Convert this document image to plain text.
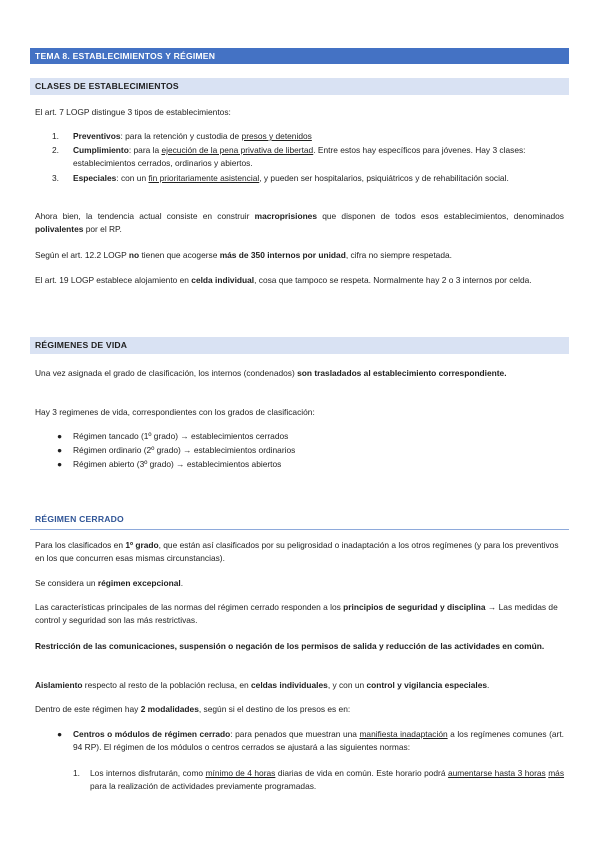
TEMA 8. ESTABLECIMIENTOS Y RÉGIMEN
CLASES DE ESTABLECIMIENTOS

El art. 7 LOGP distingue 3 tipos de establecimientos:

1. Preventivos: para la retención y custodia de presos y detenidos
2. Cumplimiento: para la ejecución de la pena privativa de libertad. Entre estos hay específicos para jóvenes. Hay 3 clases: establecimientos cerrados, ordinarios y abiertos.
3. Especiales: con un fin prioritariamente asistencial, y pueden ser hospitalarios, psiquiátricos y de rehabilitación social.

Ahora bien, la tendencia actual consiste en construir macroprisiones que disponen de todos esos establecimientos, denominados polivalentes por el RP.

Según el art. 12.2 LOGP no tienen que acogerse más de 350 internos por unidad, cifra no siempre respetada.

El art. 19 LOGP establece alojamiento en celda individual, cosa que tampoco se respeta. Normalmente hay 2 o 3 internos por celda.

RÉGIMENES DE VIDA

Una vez asignada el grado de clasificación, los internos (condenados) son trasladados al establecimiento correspondiente.

Hay 3 regimenes de vida, correspondientes con los grados de clasificación:

● Régimen tancado (1º grado) → establecimientos cerrados
● Régimen ordinario (2º grado) → establecimientos ordinarios
● Régimen abierto (3º grado) → establecimientos abiertos
RÉGIMEN CERRADO

Para los clasificados en 1º grado, que están así clasificados por su peligrosidad o inadaptación a los otros regímenes (y para los preventivos en los que concurren esas mismas circunstancias).

Se considera un régimen excepcional.

Las características principales de las normas del régimen cerrado responden a los principios de seguridad y disciplina → Las medidas de control y seguridad son las más restrictivas.

Restricción de las comunicaciones, suspensión o negación de los permisos de salida y reducción de las actividades en común.

Aislamiento respecto al resto de la población reclusa, en celdas individuales, y con un control y vigilancia especiales.

Dentro de este régimen hay 2 modalidades, según si el destino de los presos es en:

● Centros o módulos de régimen cerrado: para penados que muestran una manifiesta inadaptación a los regímenes comunes (art. 94 RP). El régimen de los módulos o centros cerrados se ajustará a las siguientes normas:
1. Los internos disfrutarán, como mínimo de 4 horas diarias de vida en común. Este horario podrá aumentarse hasta 3 horas más para la realización de actividades previamente programadas.
